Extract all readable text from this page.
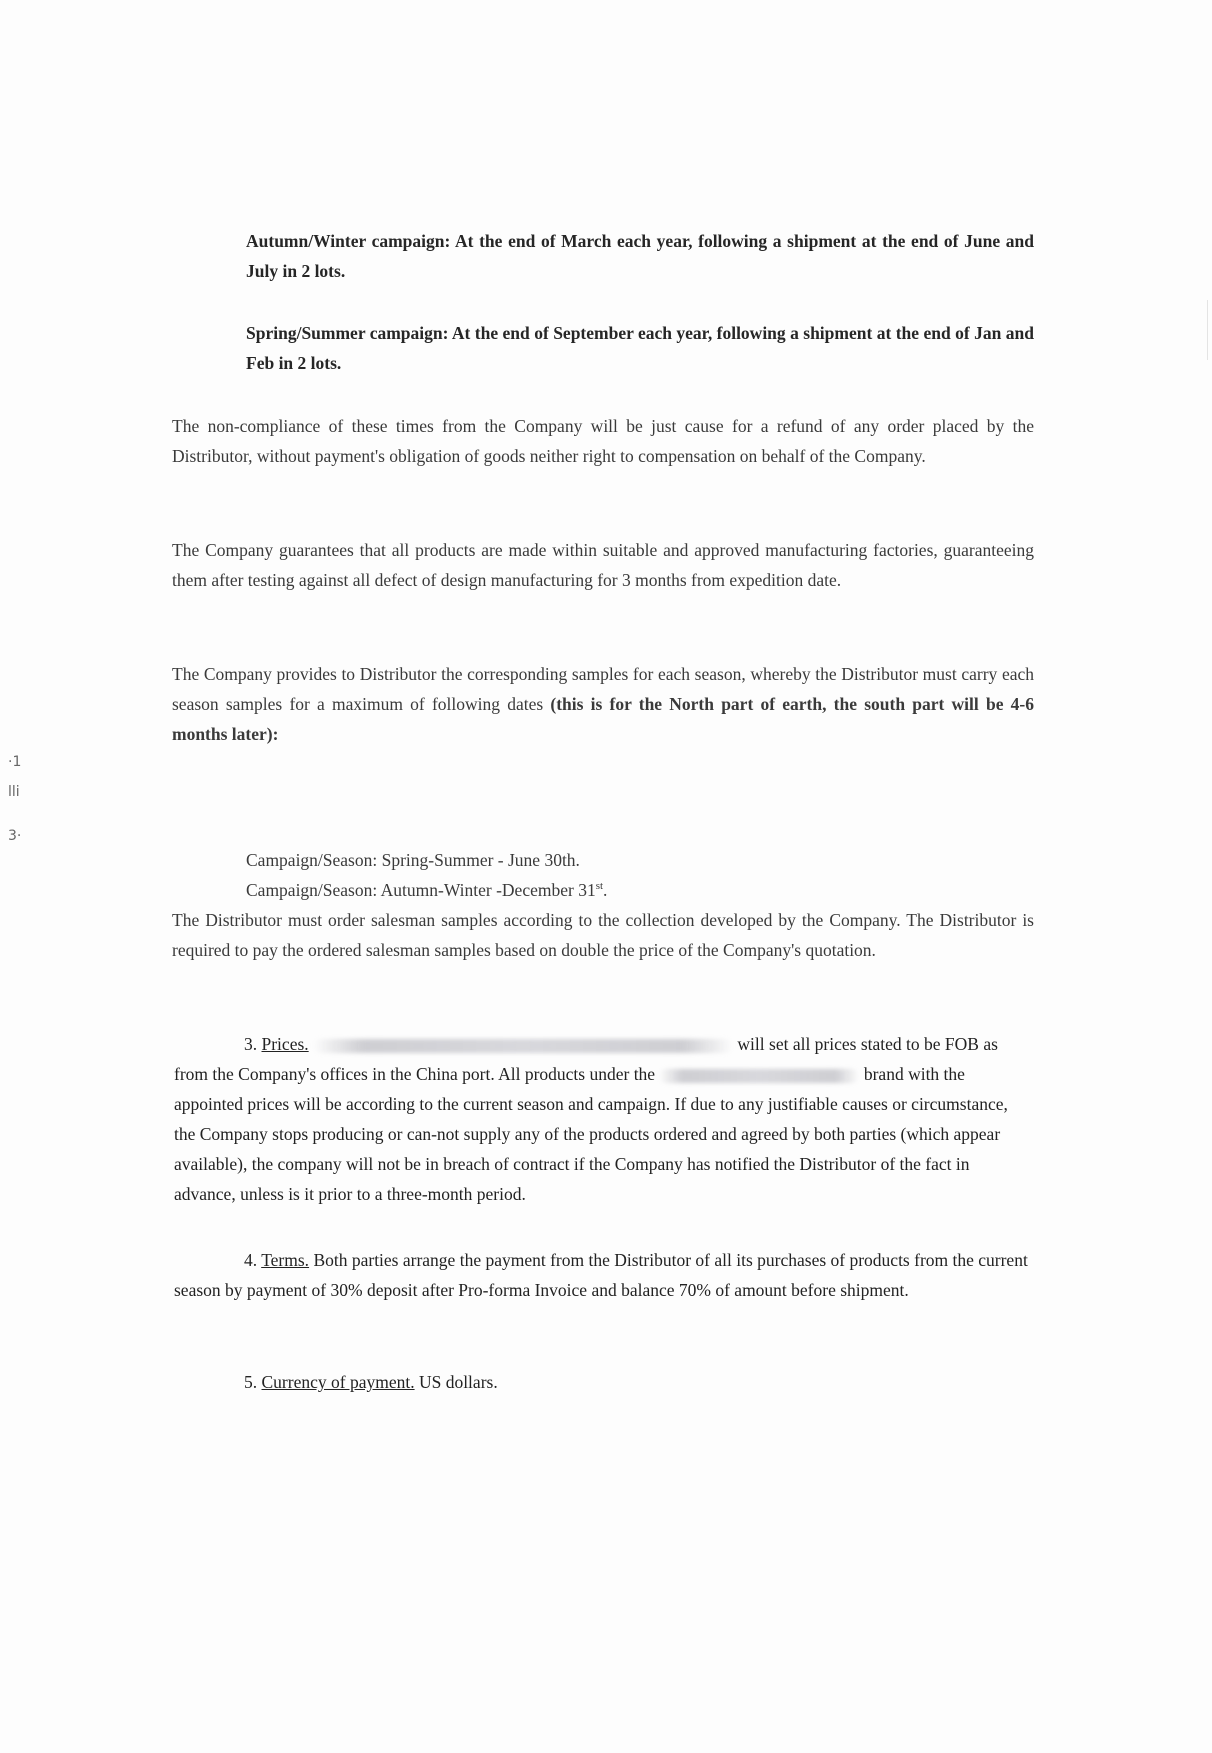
Autumn/Winter campaign: At the end of March each year, following a shipment at the end of June and July in 2 lots.
Spring/Summer campaign: At the end of September each year, following a shipment at the end of Jan and Feb in 2 lots.
The non-compliance of these times from the Company will be just cause for a refund of any order placed by the Distributor, without payment's obligation of goods neither right to compensation on behalf of the Company.
The Company guarantees that all products are made within suitable and approved manufacturing factories, guaranteeing them after testing against all defect of design manufacturing for 3 months from expedition date.
The Company provides to Distributor the corresponding samples for each season, whereby the Distributor must carry each season samples for a maximum of following dates (this is for the North part of earth, the south part will be 4-6 months later):
·1
lli
3·
Campaign/Season: Spring-Summer - June 30th.
Campaign/Season: Autumn-Winter -December 31st.
The Distributor must order salesman samples according to the collection developed by the Company. The Distributor is required to pay the ordered salesman samples based on double the price of the Company's quotation.
3. Prices.	will set all prices stated to be FOB as from the Company's offices in the China port. All products under the	brand with the appointed prices will be according to the current season and campaign. If due to any justifiable causes or circumstance, the Company stops producing or can-not supply any of the products ordered and agreed by both parties (which appear available), the company will not be in breach of contract if the Company has notified the Distributor of the fact in advance, unless is it prior to a three-month period.
4. Terms. Both parties arrange the payment from the Distributor of all its purchases of products from the current season by payment of 30% deposit after Pro-forma Invoice and balance 70% of amount before shipment.
5. Currency of payment. US dollars.
